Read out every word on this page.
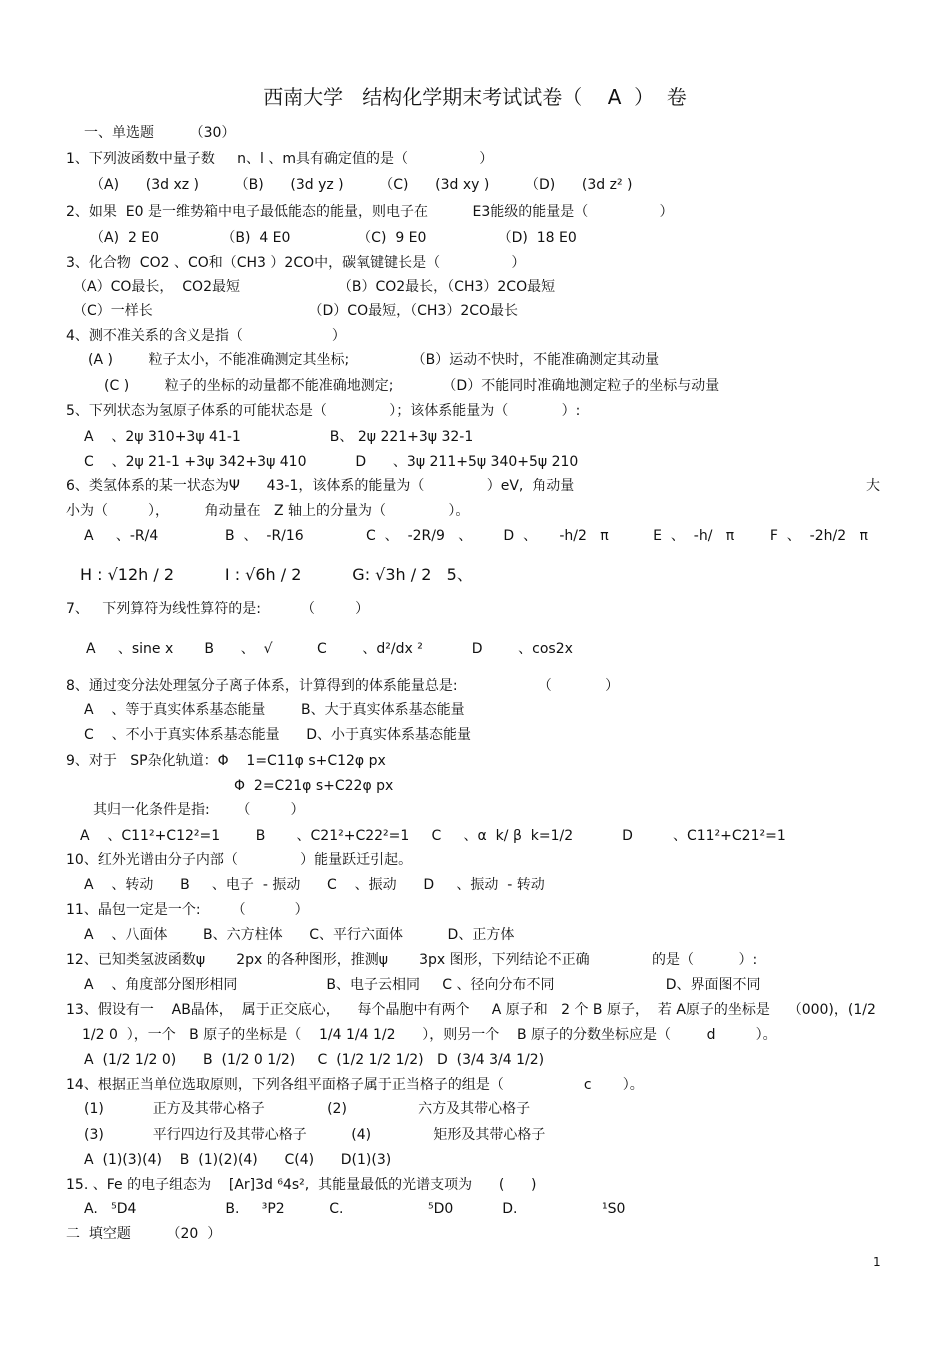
西南大学   结构化学期末考试试卷（    A  ）  卷
一、单选题        （30）
1、下列波函数中量子数     n、l 、m具有确定值的是（                ）
（A)      (3d xz )        （B)      (3d yz )        （C)      (3d xy )        （D)      (3d z² )
2、如果  E0 是一维势箱中电子最低能态的能量，则电子在          E3能级的能量是（                ）
（A)  2 E0              （B)  4 E0               （C)  9 E0                （D)  18 E0
3、化合物  CO2 、CO和（CH3 ）2CO中，碳氧键键长是（                ）
（A）CO最长，  CO2最短                      （B）CO2最长，（CH3）2CO最短
（C）一样长                                   （D）CO最短，（CH3）2CO最长
4、测不准关系的含义是指（                    ）
(A )        粒子太小，不能准确测定其坐标;              （B）运动不快时，不能准确测定其动量
(C )        粒子的坐标的动量都不能准确地测定;           （D）不能同时准确地测定粒子的坐标与动量
5、下列状态为氢原子体系的可能状态是（              ）；该体系能量为（            ）:
A    、2ψ 310+3ψ 41-1                    B、 2ψ 221+3ψ 32-1
C    、2ψ 21-1 +3ψ 342+3ψ 410           D      、3ψ 211+5ψ 340+5ψ 210
6、类氢体系的某一状态为Ψ      43-1，该体系的能量为（              ）eV,  角动量	大
小为（         ），        角动量在   Z 轴上的分量为（              ）。
A     、-R/4               B  、  -R/16              C  、  -2R/9   、       D  、     -h/2   π          E  、  -h/   π        F  、  -2h/2   π
H : √12h / 2          I : √6h / 2          G: √3h / 2   5、
7、   下列算符为线性算符的是:         （         ）
A     、sine x       B      、  √          C        、d²/dx ²           D        、cos2x
8、通过变分法处理氢分子离子体系，计算得到的体系能量总是:                  （            ）
A    、等于真实体系基态能量        B、大于真实体系基态能量
C    、不小于真实体系基态能量      D、小于真实体系基态能量
9、对于   SP杂化轨道：Φ    1=C11φ s+C12φ px
Φ  2=C21φ s+C22φ px
其归一化条件是指:      （         ）
A    、C11²+C12²=1        B       、C21²+C22²=1     C     、α  k/ β  k=1/2           D         、C11²+C21²=1
10、红外光谱由分子内部（              ）能量跃迁引起。
A    、转动      B     、电子  - 振动      C    、振动      D     、振动  - 转动
11、晶包一定是一个:       （           ）
A    、八面体        B、六方柱体      C、平行六面体          D、正方体
12、已知类氢波函数ψ       2px 的各种图形，推测ψ       3px 图形，下列结论不正确              的是（          ）:
A    、角度部分图形相同                    B、电子云相同     C 、径向分布不同                         D、界面图不同
13、假设有一    AB晶体，  属于正交底心，    每个晶胞中有两个     A 原子和   2 个 B 原子，  若 A原子的坐标是    （000)，(1/2
1/2 0  ），一个   B 原子的坐标是（    1/4 1/4 1/2      ），则另一个    B 原子的分数坐标应是（        d         ）。
A  (1/2 1/2 0)      B  (1/2 0 1/2)     C  (1/2 1/2 1/2)   D  (3/4 3/4 1/2)
14、根据正当单位选取原则，下列各组平面格子属于正当格子的组是（                  c       ）。
(1)           正方及其带心格子              (2)                六方及其带心格子
(3)           平行四边行及其带心格子          (4)              矩形及其带心格子
A  (1)(3)(4)    B  (1)(2)(4)      C(4)      D(1)(3)
15. 、Fe 的电子组态为    [Ar]3d ⁶4s²,  其能量最低的光谱支项为      (      )
A.   ⁵D4                    B.     ³P2          C.                   ⁵D0           D.                   ¹S0
二  填空题        （20  ）
1
